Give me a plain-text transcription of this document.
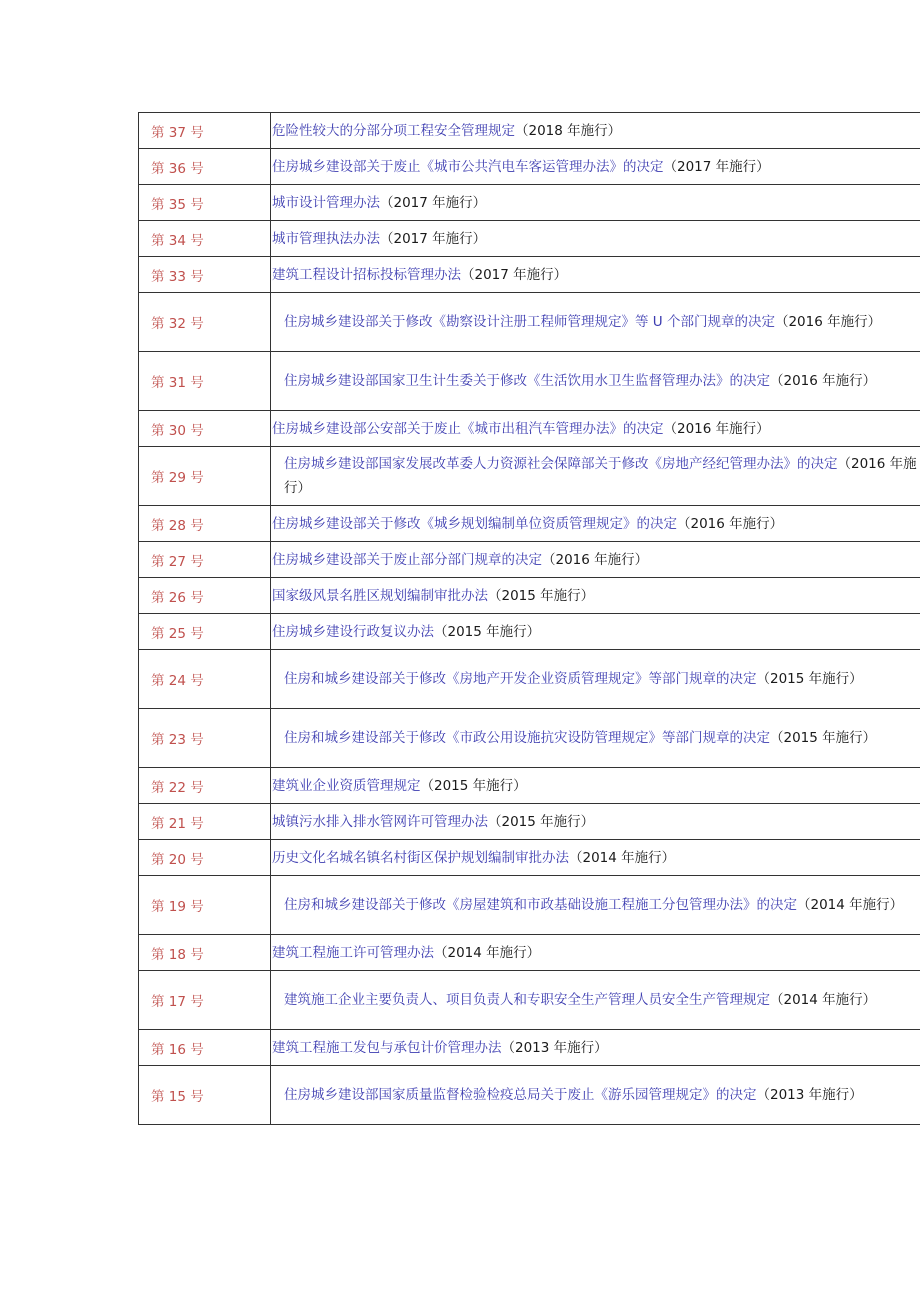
第 37 号	危险性较大的分部分项工程安全管理规定（2018 年施行）

第 36 号	住房城乡建设部关于废止《城市公共汽电车客运管理办法》的决定（2017 年施行）

第 35 号	城市设计管理办法（2017 年施行）

第 34 号	城市管理执法办法（2017 年施行）

第 33 号	建筑工程设计招标投标管理办法（2017 年施行）

第 32 号	住房城乡建设部关于修改《勘察设计注册工程师管理规定》等 U 个部门规章的决定（2016 年施行）

第 31 号	住房城乡建设部国家卫生计生委关于修改《生活饮用水卫生监督管理办法》的决定（2016 年施行）

第 30 号	住房城乡建设部公安部关于废止《城市出租汽车管理办法》的决定（2016 年施行）

第 29 号	住房城乡建设部国家发展改革委人力资源社会保障部关于修改《房地产经纪管理办法》的决定（2016 年施行）

第 28 号	住房城乡建设部关于修改《城乡规划编制单位资质管理规定》的决定（2016 年施行）

第 27 号	住房城乡建设部关于废止部分部门规章的决定（2016 年施行）

第 26 号	国家级风景名胜区规划编制审批办法（2015 年施行）

第 25 号	住房城乡建设行政复议办法（2015 年施行）

第 24 号	住房和城乡建设部关于修改《房地产开发企业资质管理规定》等部门规章的决定（2015 年施行）

第 23 号	住房和城乡建设部关于修改《市政公用设施抗灾设防管理规定》等部门规章的决定（2015 年施行）

第 22 号	建筑业企业资质管理规定（2015 年施行）

第 21 号	城镇污水排入排水管网许可管理办法（2015 年施行）

第 20 号	历史文化名城名镇名村街区保护规划编制审批办法（2014 年施行）

第 19 号	住房和城乡建设部关于修改《房屋建筑和市政基础设施工程施工分包管理办法》的决定（2014 年施行）

第 18 号	建筑工程施工许可管理办法（2014 年施行）

第 17 号	建筑施工企业主要负责人、项目负责人和专职安全生产管理人员安全生产管理规定（2014 年施行）

第 16 号	建筑工程施工发包与承包计价管理办法（2013 年施行）

第 15 号	住房城乡建设部国家质量监督检验检疫总局关于废止《游乐园管理规定》的决定（2013 年施行）
